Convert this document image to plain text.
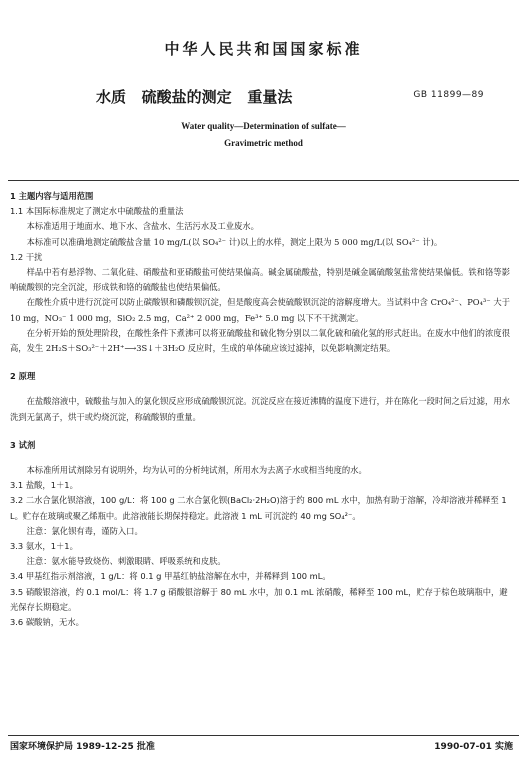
中华人民共和国国家标准
水质   硫酸盐的测定   重量法	GB 11899—89
Water quality—Determination of sulfate—
Gravimetric method
1 主题内容与适用范围
1.1 本国际标准规定了测定水中硫酸盐的重量法
本标准适用于地面水、地下水、含盐水、生活污水及工业废水。
本标准可以准确地测定硫酸盐含量 10 mg/L(以 SO₄²⁻ 计)以上的水样，测定上限为 5 000 mg/L(以 SO₄²⁻ 计)。
1.2 干扰
样品中若有悬浮物、二氧化硅、硝酸盐和亚硝酸盐可使结果偏高。碱金属硫酸盐，特别是碱金属硫酸氢盐常使结果偏低。铁和铬等影响硫酸钡的完全沉淀，形成铁和铬的硫酸盐也使结果偏低。
在酸性介质中进行沉淀可以防止碳酸钡和磷酸钡沉淀，但是酸度高会使硫酸钡沉淀的溶解度增大。当试料中含 CrO₄²⁻、PO₄³⁻ 大于 10 mg，NO₃⁻ 1 000 mg，SiO₂ 2.5 mg，Ca²⁺ 2 000 mg，Fe³⁺ 5.0 mg 以下不干扰测定。
在分析开始的预处理阶段，在酸性条件下煮沸可以将亚硫酸盐和硫化物分别以二氧化硫和硫化氢的形式赶出。在废水中他们的浓度很高，发生 2H₂S＋SO₃²⁻＋2H⁺⟶3S↓＋3H₂O 反应时，生成的单体硫应该过滤掉，以免影响测定结果。
2 原理
在盐酸溶液中，硫酸盐与加入的氯化钡反应形成硫酸钡沉淀。沉淀反应在接近沸腾的温度下进行，并在陈化一段时间之后过滤，用水洗到无氯离子，烘干或灼烧沉淀，称硫酸钡的重量。
3 试剂
本标准所用试剂除另有说明外，均为认可的分析纯试剂，所用水为去离子水或相当纯度的水。
3.1 盐酸，1＋1。
3.2 二水合氯化钡溶液，100 g/L：将 100 g 二水合氯化钡(BaCl₂·2H₂O)溶于约 800 mL 水中，加热有助于溶解，冷却溶液并稀释至 1 L。贮存在玻璃或聚乙烯瓶中。此溶液能长期保持稳定。此溶液 1 mL 可沉淀约 40 mg SO₄²⁻。
注意：氯化钡有毒，谨防入口。
3.3 氨水，1＋1。
注意：氨水能导致烧伤、刺激眼睛、呼吸系统和皮肤。
3.4 甲基红指示剂溶液，1 g/L：将 0.1 g 甲基红钠盐溶解在水中，并稀释到 100 mL。
3.5 硝酸银溶液，约 0.1 mol/L：将 1.7 g 硝酸银溶解于 80 mL 水中，加 0.1 mL 浓硝酸，稀释至 100 mL，贮存于棕色玻璃瓶中，避光保存长期稳定。
3.6 碳酸钠，无水。
国家环境保护局 1989-12-25 批准	1990-07-01 实施
